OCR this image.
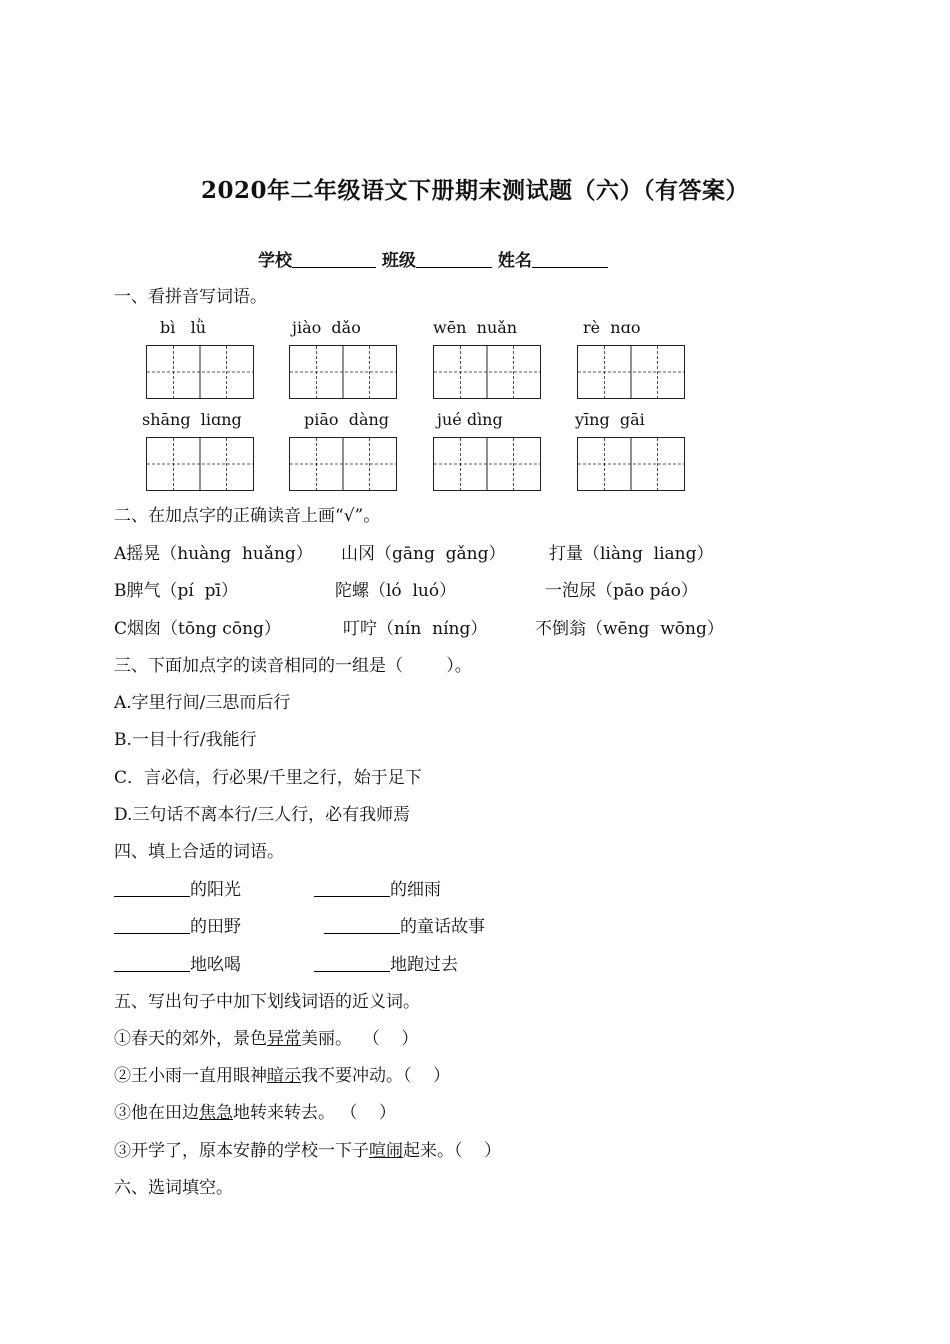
2020年二年级语文下册期末测试题（六）（有答案）
学校	班级	姓名
一、看拼音写词语。
bì   lǜ	jiào  dǎo	wēn  nuǎn	rè  nɑo
shāng  liɑng	piāo  dàng	jué dìng	yīng  gāi
二、在加点字的正确读音上画“√”。
A摇晃（huàng  huǎng） 山冈（gāng  gǎng）	打量（liàng  liang）
B脾气（pí  pī）	陀螺（ló  luó）	一泡尿（pāo páo）
C烟囱（tōng cōng）	叮咛（nín  níng）	不倒翁（wēng  wōng）
三、下面加点字的读音相同的一组是（        ）。
A.字里行间/三思而后行
B.一目十行/我能行
C．言必信，行必果/千里之行，始于足下
D.三句话不离本行/三人行，必有我师焉
四、填上合适的词语。
的阳光	的细雨
的田野	的童话故事
地吆喝	地跑过去
五、写出句子中加下划线词语的近义词。
①春天的郊外，景色异常美丽。  （    ）
②王小雨一直用眼神暗示我不要冲动。（    ）
③他在田边焦急地转来转去。 （    ）
③开学了，原本安静的学校一下子喧闹起来。（    ）
六、选词填空。
